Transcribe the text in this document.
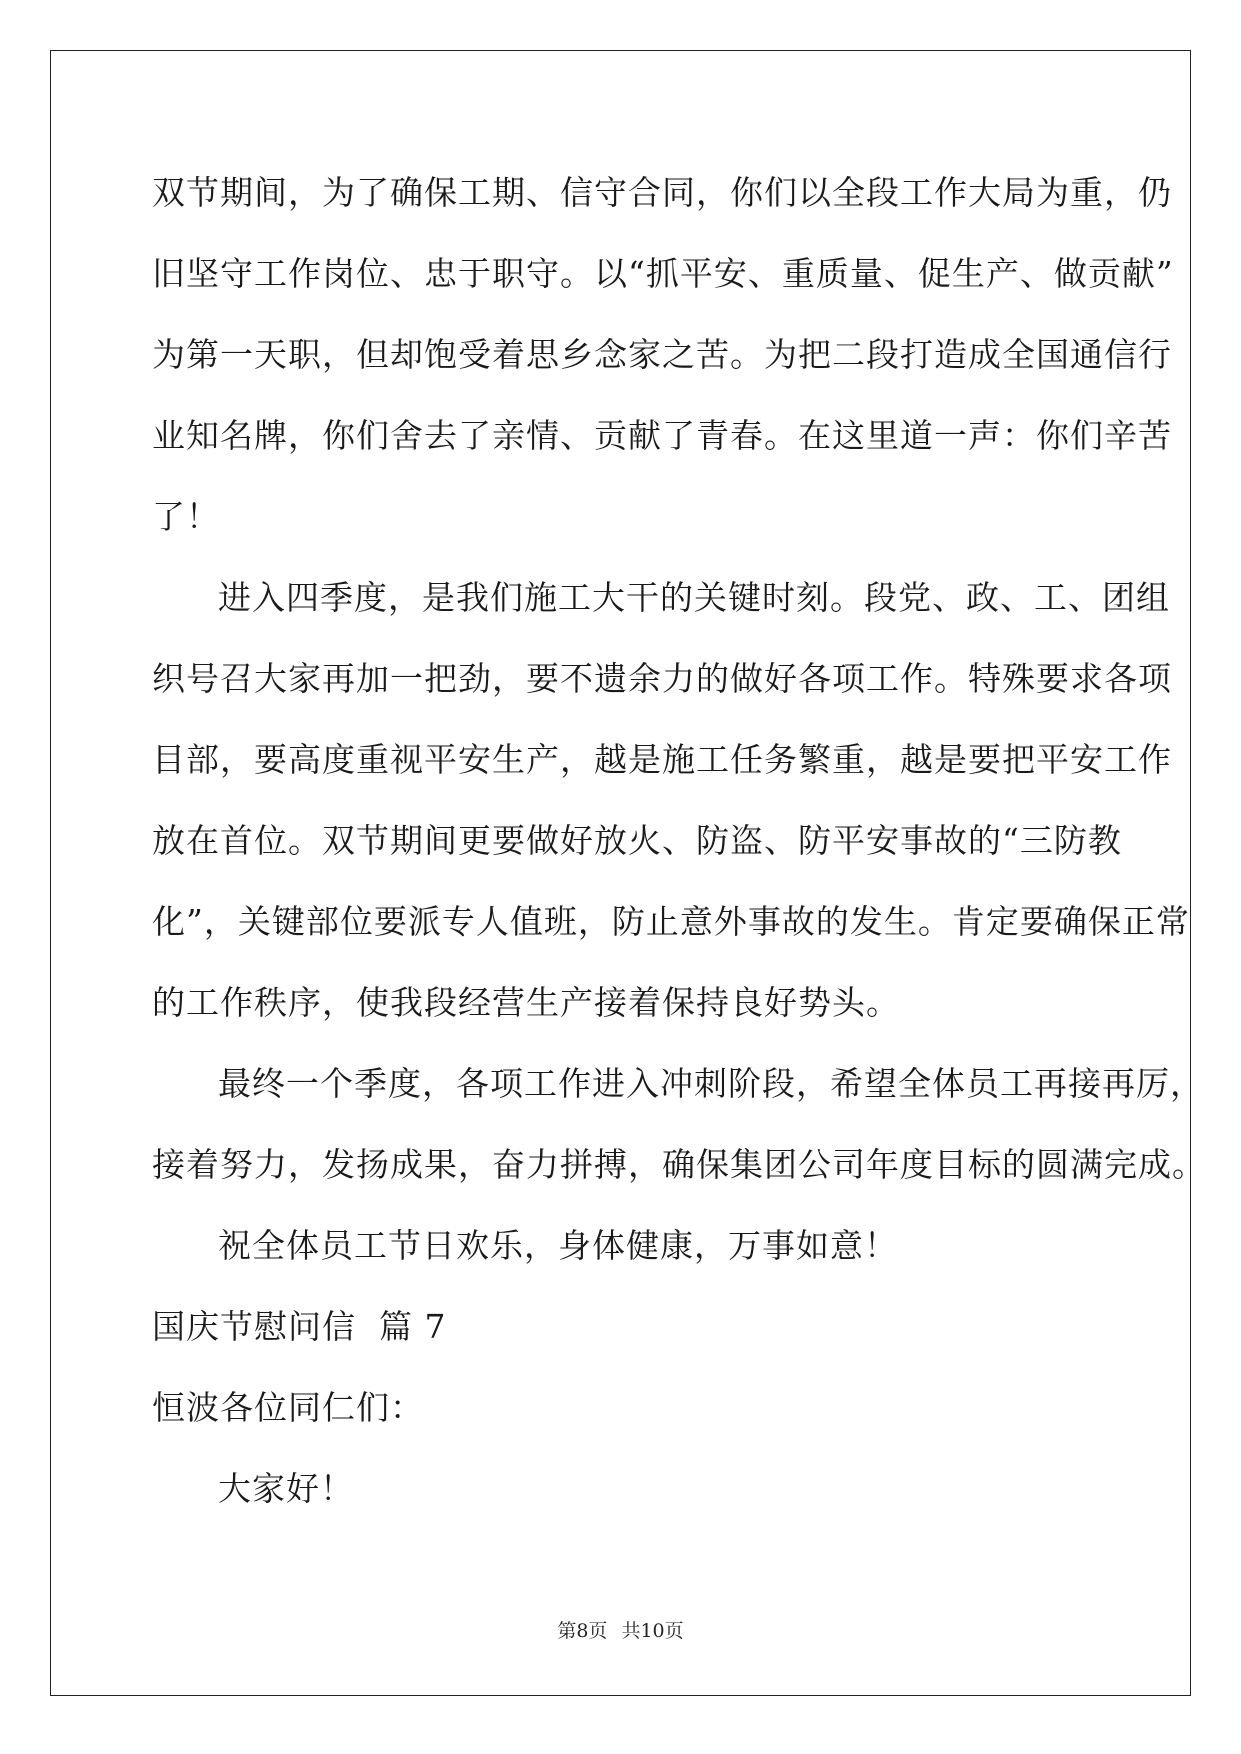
双节期间，为了确保工期、信守合同，你们以全段工作大局为重，仍
旧坚守工作岗位、忠于职守。以“抓平安、重质量、促生产、做贡献”
为第一天职，但却饱受着思乡念家之苦。为把二段打造成全国通信行
业知名牌，你们舍去了亲情、贡献了青春。在这里道一声：你们辛苦
了！
进入四季度，是我们施工大干的关键时刻。段党、政、工、团组
织号召大家再加一把劲，要不遗余力的做好各项工作。特殊要求各项
目部，要高度重视平安生产，越是施工任务繁重，越是要把平安工作
放在首位。双节期间更要做好放火、防盗、防平安事故的“三防教
化”，关键部位要派专人值班，防止意外事故的发生。肯定要确保正常
的工作秩序，使我段经营生产接着保持良好势头。
最终一个季度，各项工作进入冲刺阶段，希望全体员工再接再厉，
接着努力，发扬成果，奋力拼搏，确保集团公司年度目标的圆满完成。
祝全体员工节日欢乐，身体健康，万事如意！
国庆节慰问信  篇 7
恒波各位同仁们：
大家好！
第8页 共10页
